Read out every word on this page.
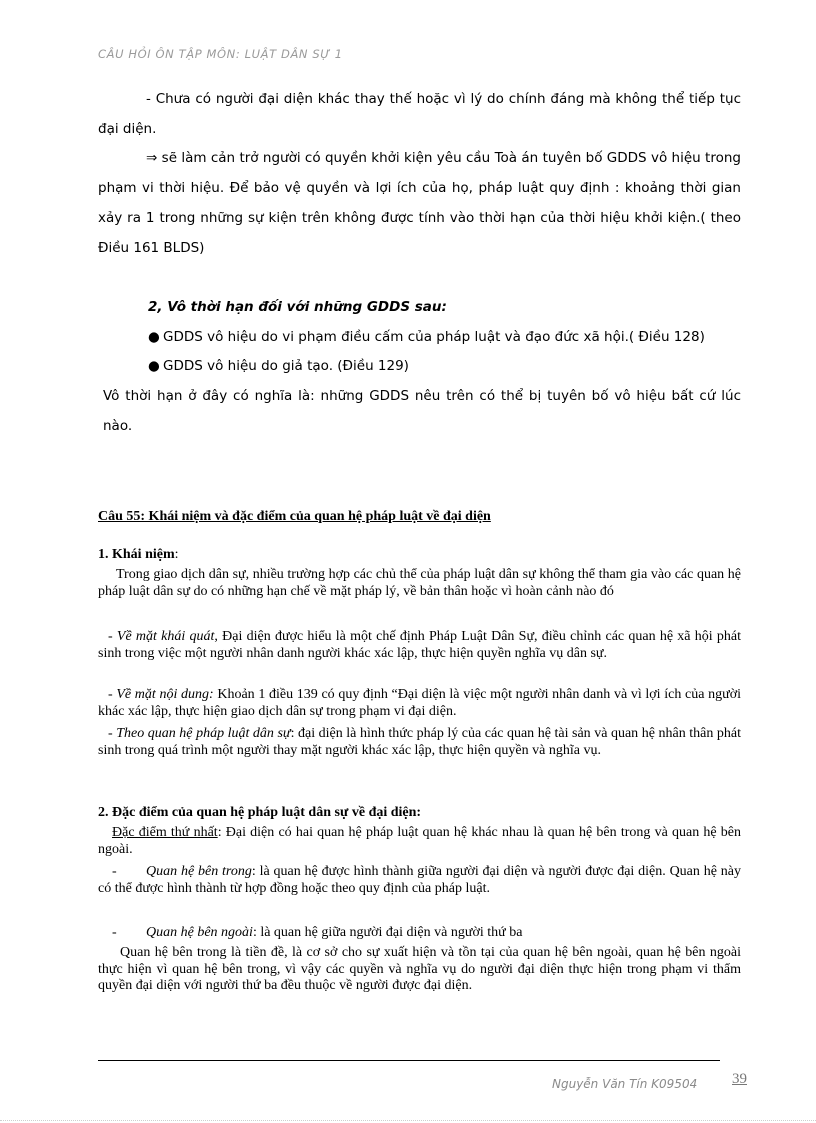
CÂU HỎI ÔN TẬP MÔN: LUẬT DÂN SỰ 1
- Chưa có người đại diện khác thay thế hoặc vì lý do chính đáng mà không thể tiếp tục đại diện.
⇒ sẽ làm cản trở người có quyền khởi kiện yêu cầu Toà án tuyên bố GDDS vô hiệu trong phạm vi thời hiệu. Để bảo vệ quyền và lợi ích của họ, pháp luật quy định : khoảng thời gian xảy ra 1 trong những sự kiện trên không được tính vào thời hạn của thời hiệu khởi kiện.( theo Điều 161 BLDS)
2, Vô thời hạn đối với những GDDS sau:
● GDDS vô hiệu do vi phạm điều cấm của pháp luật và đạo đức xã hội.( Điều 128)
● GDDS vô hiệu do giả tạo. (Điều 129)
Vô thời hạn ở đây có nghĩa là: những GDDS nêu trên có thể bị tuyên bố vô hiệu bất cứ lúc nào.
Câu 55: Khái niệm và đặc điểm của quan hệ pháp luật về đại diện
1. Khái niệm:
Trong giao dịch dân sự, nhiều trường hợp các chủ thể của pháp luật dân sự không thể tham gia vào các quan hệ pháp luật dân sự do có những hạn chế về mặt pháp lý, về bản thân hoặc vì hoàn cảnh nào đó
- Về mặt khái quát, Đại diện được hiểu là một chế định Pháp Luật Dân Sự, điều chỉnh các quan hệ xã hội phát sinh trong việc một người nhân danh người khác xác lập, thực hiện quyền nghĩa vụ dân sự.
- Về mặt nội dung: Khoản 1 điều 139 có quy định “Đại diện là việc một người nhân danh và vì lợi ích của người khác xác lập, thực hiện giao dịch dân sự trong phạm vi đại diện.
- Theo quan hệ pháp luật dân sự: đại diện là hình thức pháp lý của các quan hệ tài sản và quan hệ nhân thân phát sinh trong quá trình một người thay mặt người khác xác lập, thực hiện quyền và nghĩa vụ.
2. Đặc điểm của quan hệ pháp luật dân sự về đại diện:
Đặc điểm thứ nhất: Đại diện có hai quan hệ pháp luật quan hệ khác nhau là quan hệ bên trong và quan hệ bên ngoài.
- Quan hệ bên trong: là quan hệ được hình thành giữa người đại diện và người được đại diện. Quan hệ này có thể được hình thành từ hợp đồng hoặc theo quy định của pháp luật.
- Quan hệ bên ngoài: là quan hệ giữa người đại diện và người thứ ba
Quan hệ bên trong là tiền đề, là cơ sở cho sự xuất hiện và tồn tại của quan hệ bên ngoài, quan hệ bên ngoài thực hiện vì quan hệ bên trong, vì vậy các quyền và nghĩa vụ do người đại diện thực hiện trong phạm vi thẩm quyền đại diện với người thứ ba đều thuộc về người được đại diện.
Nguyễn Văn Tín K09504 39
